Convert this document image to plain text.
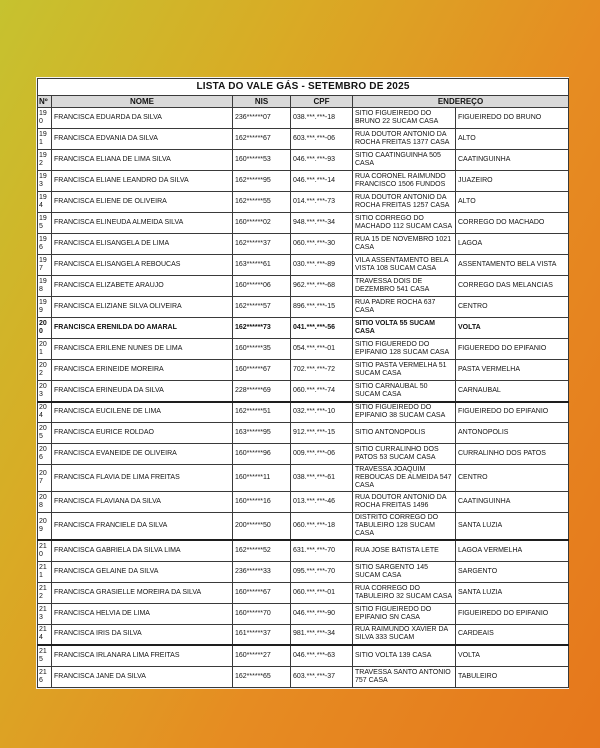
LISTA DO VALE GÁS - SETEMBRO DE 2025					
Nº	NOME	NIS	CPF	ENDEREÇO	
190	FRANCISCA EDUARDA DA SILVA	236******07	038.***.***-18	SITIO FIGUEIREDO DO BRUNO 22 SUCAM CASA	FIGUEIREDO DO BRUNO
191	FRANCISCA EDVANIA DA SILVA	162******67	603.***.***-06	RUA DOUTOR ANTONIO DA ROCHA FREITAS 1377 CASA	ALTO
192	FRANCISCA ELIANA DE LIMA SILVA	160******53	046.***.***-93	SITIO CAATINGUINHA 505 CASA	CAATINGUINHA
193	FRANCISCA ELIANE LEANDRO DA SILVA	162******95	046.***.***-14	RUA CORONEL RAIMUNDO FRANCISCO 1506 FUNDOS	JUAZEIRO
194	FRANCISCA ELIENE DE OLIVEIRA	162******55	014.***.***-73	RUA DOUTOR ANTONIO DA ROCHA FREITAS 1257 CASA	ALTO
195	FRANCISCA ELINEUDA ALMEIDA SILVA	160******02	948.***.***-34	SITIO CORREGO DO MACHADO 112 SUCAM CASA	CORREGO DO MACHADO
196	FRANCISCA ELISANGELA DE LIMA	162******37	060.***.***-30	RUA 15 DE NOVEMBRO 1021 CASA	LAGOA
197	FRANCISCA ELISANGELA REBOUCAS	163******61	030.***.***-89	VILA ASSENTAMENTO BELA VISTA 108 SUCAM CASA	ASSENTAMENTO BELA VISTA
198	FRANCISCA ELIZABETE ARAUJO	160******06	962.***.***-68	TRAVESSA DOIS DE DEZEMBRO 541 CASA	CORREGO DAS MELANCIAS
199	FRANCISCA ELIZIANE SILVA OLIVEIRA	162******57	896.***.***-15	RUA PADRE ROCHA 637 CASA	CENTRO
200	FRANCISCA ERENILDA DO AMARAL	162******73	041.***.***-56	SITIO VOLTA 55 SUCAM CASA	VOLTA
201	FRANCISCA ERILENE NUNES DE LIMA	160******35	054.***.***-01	SITIO FIGUEREDO DO EPIFANIO 128 SUCAM CASA	FIGUEREDO DO EPIFANIO
202	FRANCISCA ERINEIDE MOREIRA	160******67	702.***.***-72	SITIO PASTA VERMELHA 51 SUCAM CASA	PASTA VERMELHA
203	FRANCISCA ERINEUDA DA SILVA	228******69	060.***.***-74	SITIO CARNAUBAL 50 SUCAM CASA	CARNAUBAL
204	FRANCISCA EUCILENE DE LIMA	162******51	032.***.***-10	SITIO FIGUEIREDO DO EPIFANIO 38 SUCAM CASA	FIGUEIREDO DO EPIFANIO
205	FRANCISCA EURICE ROLDAO	163******95	912.***.***-15	SITIO ANTONOPOLIS	ANTONOPOLIS
206	FRANCISCA EVANEIDE DE OLIVEIRA	160******96	009.***.***-06	SITIO CURRALINHO DOS PATOS 53 SUCAM CASA	CURRALINHO DOS PATOS
207	FRANCISCA FLAVIA DE LIMA FREITAS	160******11	038.***.***-61	TRAVESSA JOAQUIM REBOUCAS DE ALMEIDA 547 CASA	CENTRO
208	FRANCISCA FLAVIANA DA SILVA	160******16	013.***.***-46	RUA DOUTOR ANTONIO DA ROCHA FREITAS 1496	CAATINGUINHA
209	FRANCISCA FRANCIELE DA SILVA	200******50	060.***.***-18	DISTRITO CORREGO DO TABULEIRO 128 SUCAM CASA	SANTA LUZIA
210	FRANCISCA GABRIELA DA SILVA LIMA	162******52	631.***.***-70	RUA JOSE BATISTA LETE	LAGOA VERMELHA
211	FRANCISCA GELAINE DA SILVA	236******33	095.***.***-70	SITIO SARGENTO 145 SUCAM CASA	SARGENTO
212	FRANCISCA GRASIELLE MOREIRA DA SILVA	160******67	060.***.***-01	RUA CORREGO DO TABULEIRO 32 SUCAM CASA	SANTA LUZIA
213	FRANCISCA HELVIA DE LIMA	160******70	046.***.***-90	SITIO FIGUEIREDO DO EPIFANIO SN CASA	FIGUEIREDO DO EPIFANIO
214	FRANCISCA IRIS DA SILVA	161******37	981.***.***-34	RUA RAIMUNDO XAVIER DA SILVA 333 SUCAM	CARDEAIS
215	FRANCISCA IRLANARA LIMA FREITAS	160******27	046.***.***-63	SITIO VOLTA 139 CASA	VOLTA
216	FRANCISCA JANE DA SILVA	162******65	603.***.***-37	TRAVESSA SANTO ANTONIO 757 CASA	TABULEIRO
